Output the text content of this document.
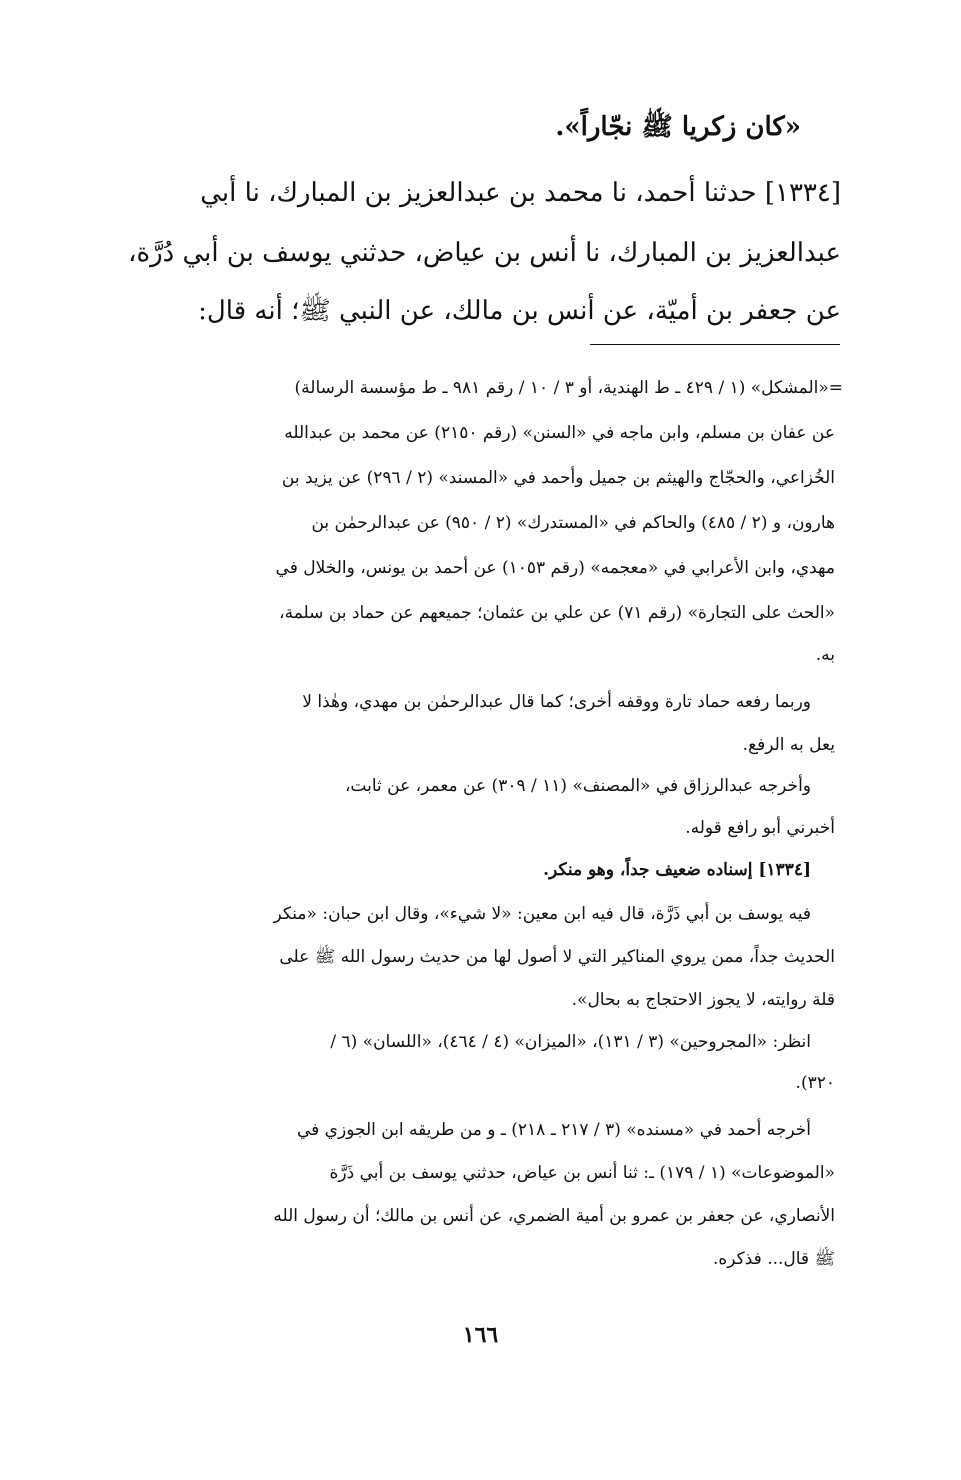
«كان زكريا ﷺ نجّاراً».
[١٣٣٤] حدثنا أحمد، نا محمد بن عبدالعزيز بن المبارك، نا أبي
عبدالعزيز بن المبارك، نا أنس بن عياض، حدثني يوسف بن أبي دُرَّة،
عن جعفر بن أميّة، عن أنس بن مالك، عن النبي ﷺ؛ أنه قال:
=«المشكل» (١ / ٤٢٩ ـ ط الهندية، أو ٣ / ١٠ / رقم ٩٨١ ـ ط مؤسسة الرسالة)
عن عفان بن مسلم، وابن ماجه في «السنن» (رقم ٢١٥٠) عن محمد بن عبدالله
الخُزاعي، والحجّاج والهيثم بن جميل وأحمد في «المسند» (٢ / ٢٩٦) عن يزيد بن
هارون، و (٢ / ٤٨٥) والحاكم في «المستدرك» (٢ / ٩٥٠) عن عبدالرحمٰن بن
مهدي، وابن الأعرابي في «معجمه» (رقم ١٠٥٣) عن أحمد بن يونس، والخلال في
«الحث على التجارة» (رقم ٧١) عن علي بن عثمان؛ جميعهم عن حماد بن سلمة،
به.
وربما رفعه حماد تارة ووقفه أخرى؛ كما قال عبدالرحمٰن بن مهدي، وهٰذا لا
يعل به الرفع.
وأخرجه عبدالرزاق في «المصنف» (١١ / ٣٠٩) عن معمر، عن ثابت،
أخبرني أبو رافع قوله.
[١٣٣٤] إسناده ضعيف جداً، وهو منكر.
فيه يوسف بن أبي ذَرَّة، قال فيه ابن معين: «لا شيء»، وقال ابن حبان: «منكر
الحديث جداً، ممن يروي المناكير التي لا أصول لها من حديث رسول الله ﷺ على
قلة روايته، لا يجوز الاحتجاج به بحال».
انظر: «المجروحين» (٣ / ١٣١)، «الميزان» (٤ / ٤٦٤)، «اللسان» (٦ /
٣٢٠).
أخرجه أحمد في «مسنده» (٣ / ٢١٧ ـ ٢١٨) ـ و من طريقه ابن الجوزي في
«الموضوعات» (١ / ١٧٩) ـ: ثنا أنس بن عياض، حدثني يوسف بن أبي ذَرَّة
الأنصاري، عن جعفر بن عمرو بن أمية الضمري، عن أنس بن مالك؛ أن رسول الله
ﷺ قال... فذكره.
١٦٦
